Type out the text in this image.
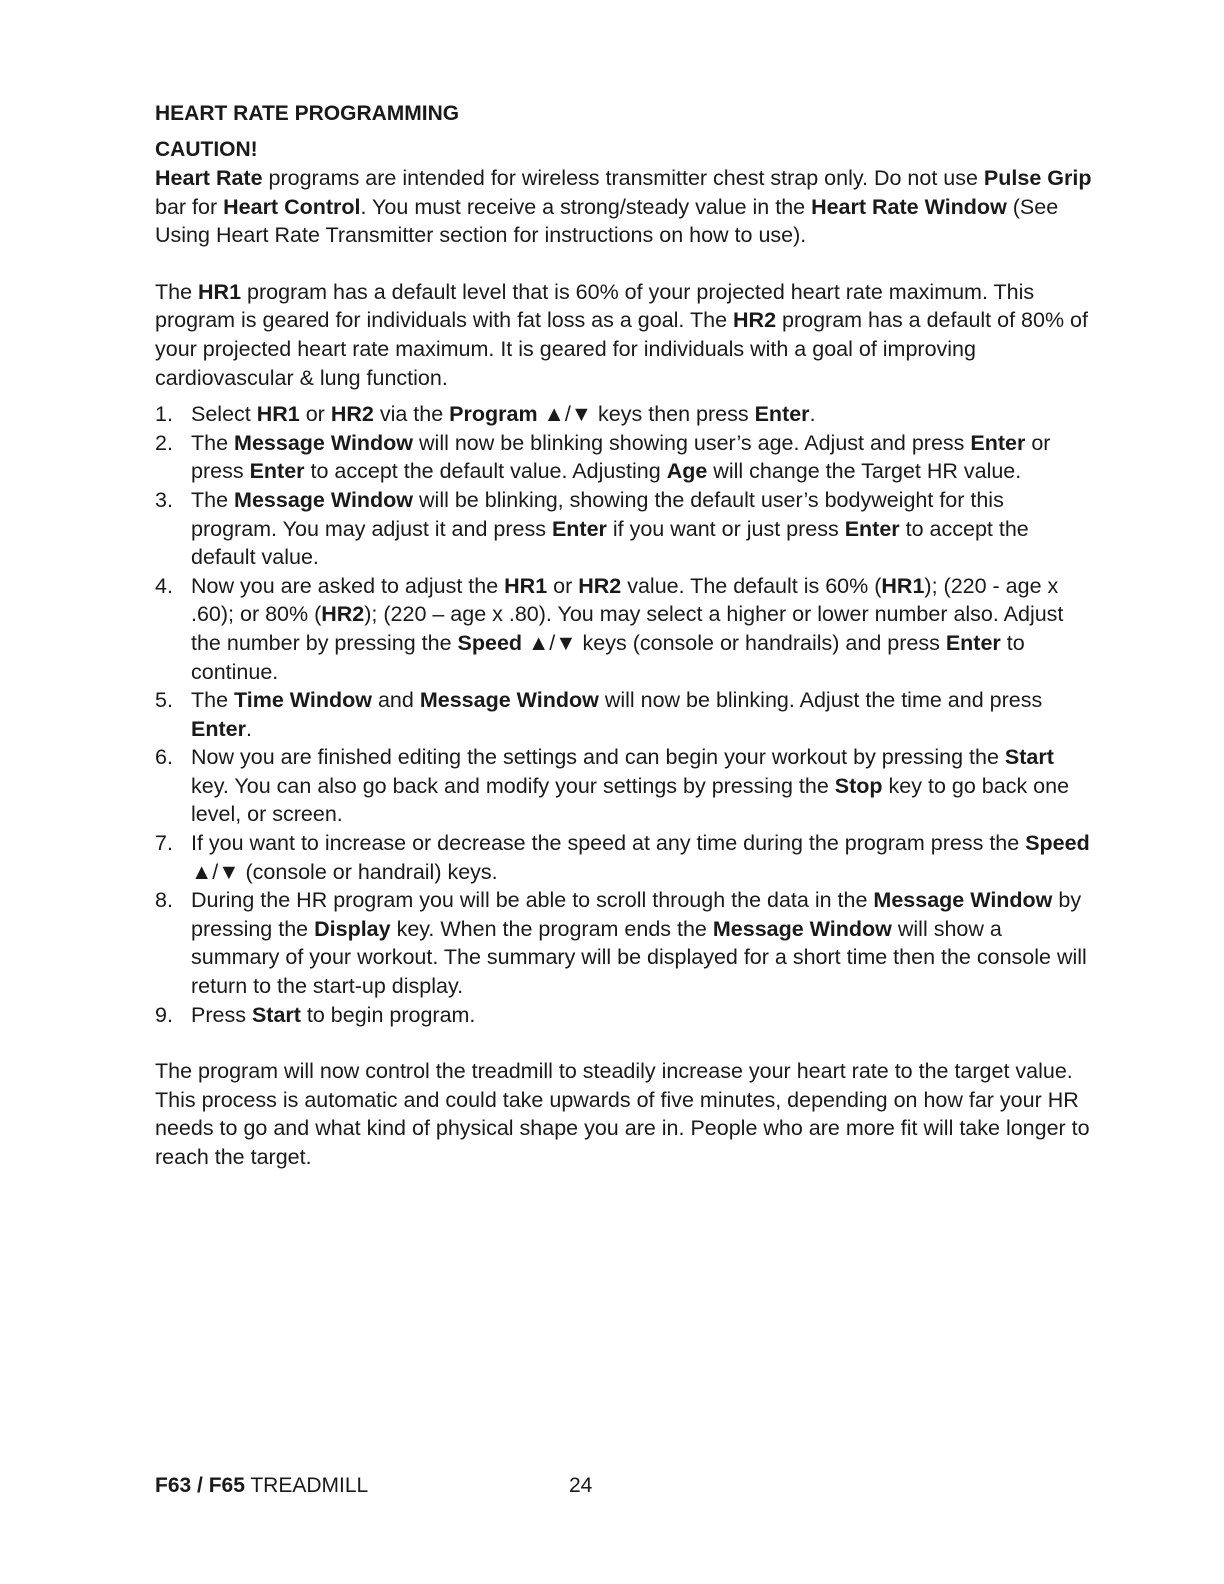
HEART RATE PROGRAMMING
CAUTION!

Heart Rate programs are intended for wireless transmitter chest strap only. Do not use Pulse Grip bar for Heart Control. You must receive a strong/steady value in the Heart Rate Window (See Using Heart Rate Transmitter section for instructions on how to use).

The HR1 program has a default level that is 60% of your projected heart rate maximum. This program is geared for individuals with fat loss as a goal. The HR2 program has a default of 80% of your projected heart rate maximum. It is geared for individuals with a goal of improving cardiovascular & lung function.

1. Select HR1 or HR2 via the Program ▲/▼ keys then press Enter.
2. The Message Window will now be blinking showing user’s age. Adjust and press Enter or press Enter to accept the default value. Adjusting Age will change the Target HR value.
3. The Message Window will be blinking, showing the default user’s bodyweight for this program. You may adjust it and press Enter if you want or just press Enter to accept the default value.
4. Now you are asked to adjust the HR1 or HR2 value. The default is 60% (HR1); (220 - age x .60); or 80% (HR2); (220 – age x .80). You may select a higher or lower number also. Adjust the number by pressing the Speed ▲/▼ keys (console or handrails) and press Enter to continue.
5. The Time Window and Message Window will now be blinking. Adjust the time and press Enter.
6. Now you are finished editing the settings and can begin your workout by pressing the Start key. You can also go back and modify your settings by pressing the Stop key to go back one level, or screen.
7. If you want to increase or decrease the speed at any time during the program press the Speed ▲/▼ (console or handrail) keys.
8. During the HR program you will be able to scroll through the data in the Message Window by pressing the Display key. When the program ends the Message Window will show a summary of your workout. The summary will be displayed for a short time then the console will return to the start-up display.
9. Press Start to begin program.

The program will now control the treadmill to steadily increase your heart rate to the target value. This process is automatic and could take upwards of five minutes, depending on how far your HR needs to go and what kind of physical shape you are in. People who are more fit will take longer to reach the target.

F63 / F65 TREADMILL	24
